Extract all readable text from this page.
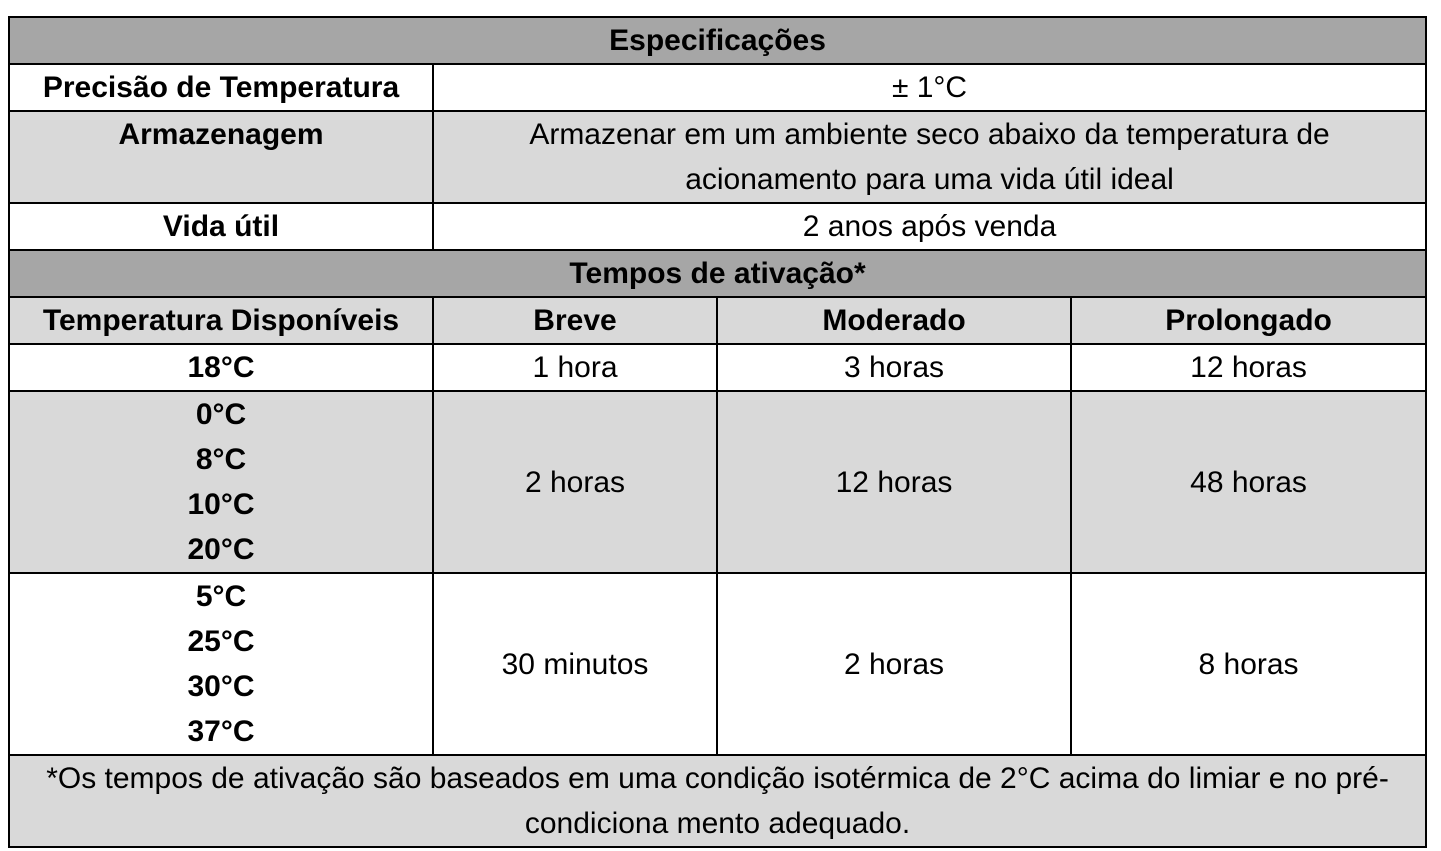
Especificações			
Precisão de Temperatura	± 1°C		
Armazenagem	Armazenar em um ambiente seco abaixo da temperatura de acionamento para uma vida útil ideal		
Vida útil	2 anos após venda		
Tempos de ativação*			
Temperatura Disponíveis	Breve	Moderado	Prolongado

18°C	1 hora	3 horas	12 horas

0°C
8°C
10°C
20°C	2 horas	12 horas	48 horas

5°C
25°C
30°C
37°C	30 minutos	2 horas	8 horas
*Os tempos de ativação são baseados em uma condição isotérmica de 2°C acima do limiar e no pré-condiciona mento adequado.			
